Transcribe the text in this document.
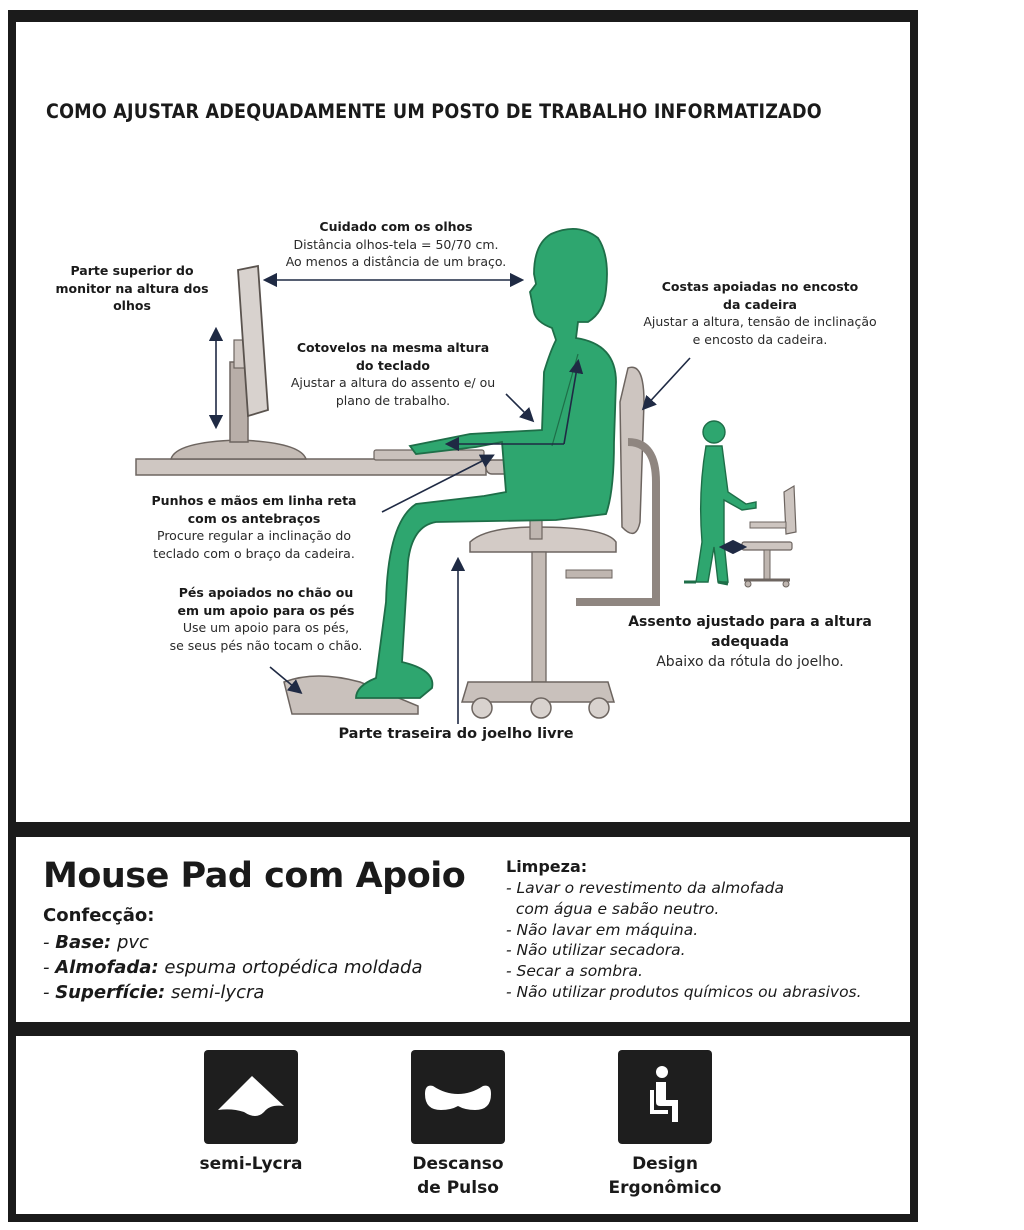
COMO AJUSTAR ADEQUADAMENTE UM POSTO DE TRABALHO INFORMATIZADO
Parte superior do monitor na altura dos olhos
Cuidado com os olhos
Distância olhos-tela = 50/70 cm.
Ao menos a distância de um braço.
Costas apoiadas no encosto
da cadeira
Ajustar a altura, tensão de inclinação
e encosto da cadeira.
Cotovelos na mesma altura
do teclado
Ajustar a altura do assento e/ ou
plano de trabalho.
Punhos e mãos em linha reta
com os antebraços
Procure regular a inclinação do
teclado com o braço da cadeira.
Pés apoiados no chão ou
em um apoio para os pés
Use um apoio para os pés,
se seus pés não tocam o chão.
Assento ajustado para a altura
adequada
Abaixo da rótula do joelho.
Parte traseira do joelho livre
Mouse Pad com Apoio
Confecção:
- Base: pvc
- Almofada: espuma ortopédica moldada
- Superfície: semi-lycra
Limpeza:
- Lavar o revestimento da almofada
com água e sabão neutro.
- Não lavar em máquina.
- Não utilizar secadora.
- Secar a sombra.
- Não utilizar produtos químicos ou abrasivos.
semi-Lycra	Descanso
de Pulso
Design
Ergonômico
